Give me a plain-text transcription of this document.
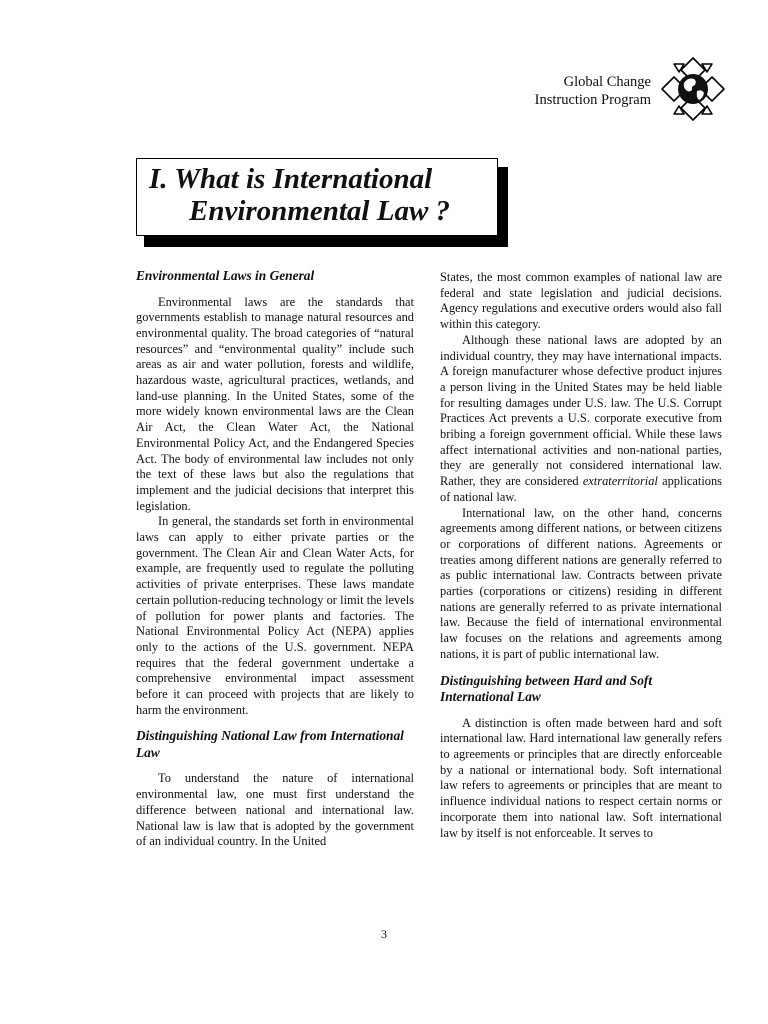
Global Change
Instruction Program
I. What is International
Environmental Law ?
Environmental Laws in General

Environmental laws are the standards that governments establish to manage natural resources and environmental quality. The broad categories of “natural resources” and “environmental quality” include such areas as air and water pollution, forests and wildlife, hazardous waste, agricultural practices, wetlands, and land-use planning. In the United States, some of the more widely known environmental laws are the Clean Air Act, the Clean Water Act, the National Environmental Policy Act, and the Endangered Species Act. The body of environmental law includes not only the text of these laws but also the regulations that implement and the judicial decisions that interpret this legislation.

In general, the standards set forth in environmental laws can apply to either private parties or the government. The Clean Air and Clean Water Acts, for example, are frequently used to regulate the polluting activities of private enterprises. These laws mandate certain pollution-reducing technology or limit the levels of pollution for power plants and factories. The National Environmental Policy Act (NEPA) applies only to the actions of the U.S. government. NEPA requires that the federal government undertake a comprehensive environmental impact assessment before it can proceed with projects that are likely to harm the environment.

Distinguishing National Law from International Law

To understand the nature of international environmental law, one must first understand the difference between national and international law. National law is law that is adopted by the government of an individual country. In the United

States, the most common examples of national law are federal and state legislation and judicial decisions. Agency regulations and executive orders would also fall within this category.

Although these national laws are adopted by an individual country, they may have international impacts. A foreign manufacturer whose defective product injures a person living in the United States may be held liable for resulting damages under U.S. law. The U.S. Corrupt Practices Act prevents a U.S. corporate executive from bribing a foreign government official. While these laws affect international activities and non-national parties, they are generally not considered international law. Rather, they are considered extraterritorial applications of national law.

International law, on the other hand, concerns agreements among different nations, or between citizens or corporations of different nations. Agreements or treaties among different nations are generally referred to as public international law. Contracts between private parties (corporations or citizens) residing in different nations are generally referred to as private international law. Because the field of international environmental law focuses on the relations and agreements among nations, it is part of public international law.

Distinguishing between Hard and Soft International Law

A distinction is often made between hard and soft international law. Hard international law generally refers to agreements or principles that are directly enforceable by a national or international body. Soft international law refers to agreements or principles that are meant to influence individual nations to respect certain norms or incorporate them into national law. Soft international law by itself is not enforceable. It serves to

3
